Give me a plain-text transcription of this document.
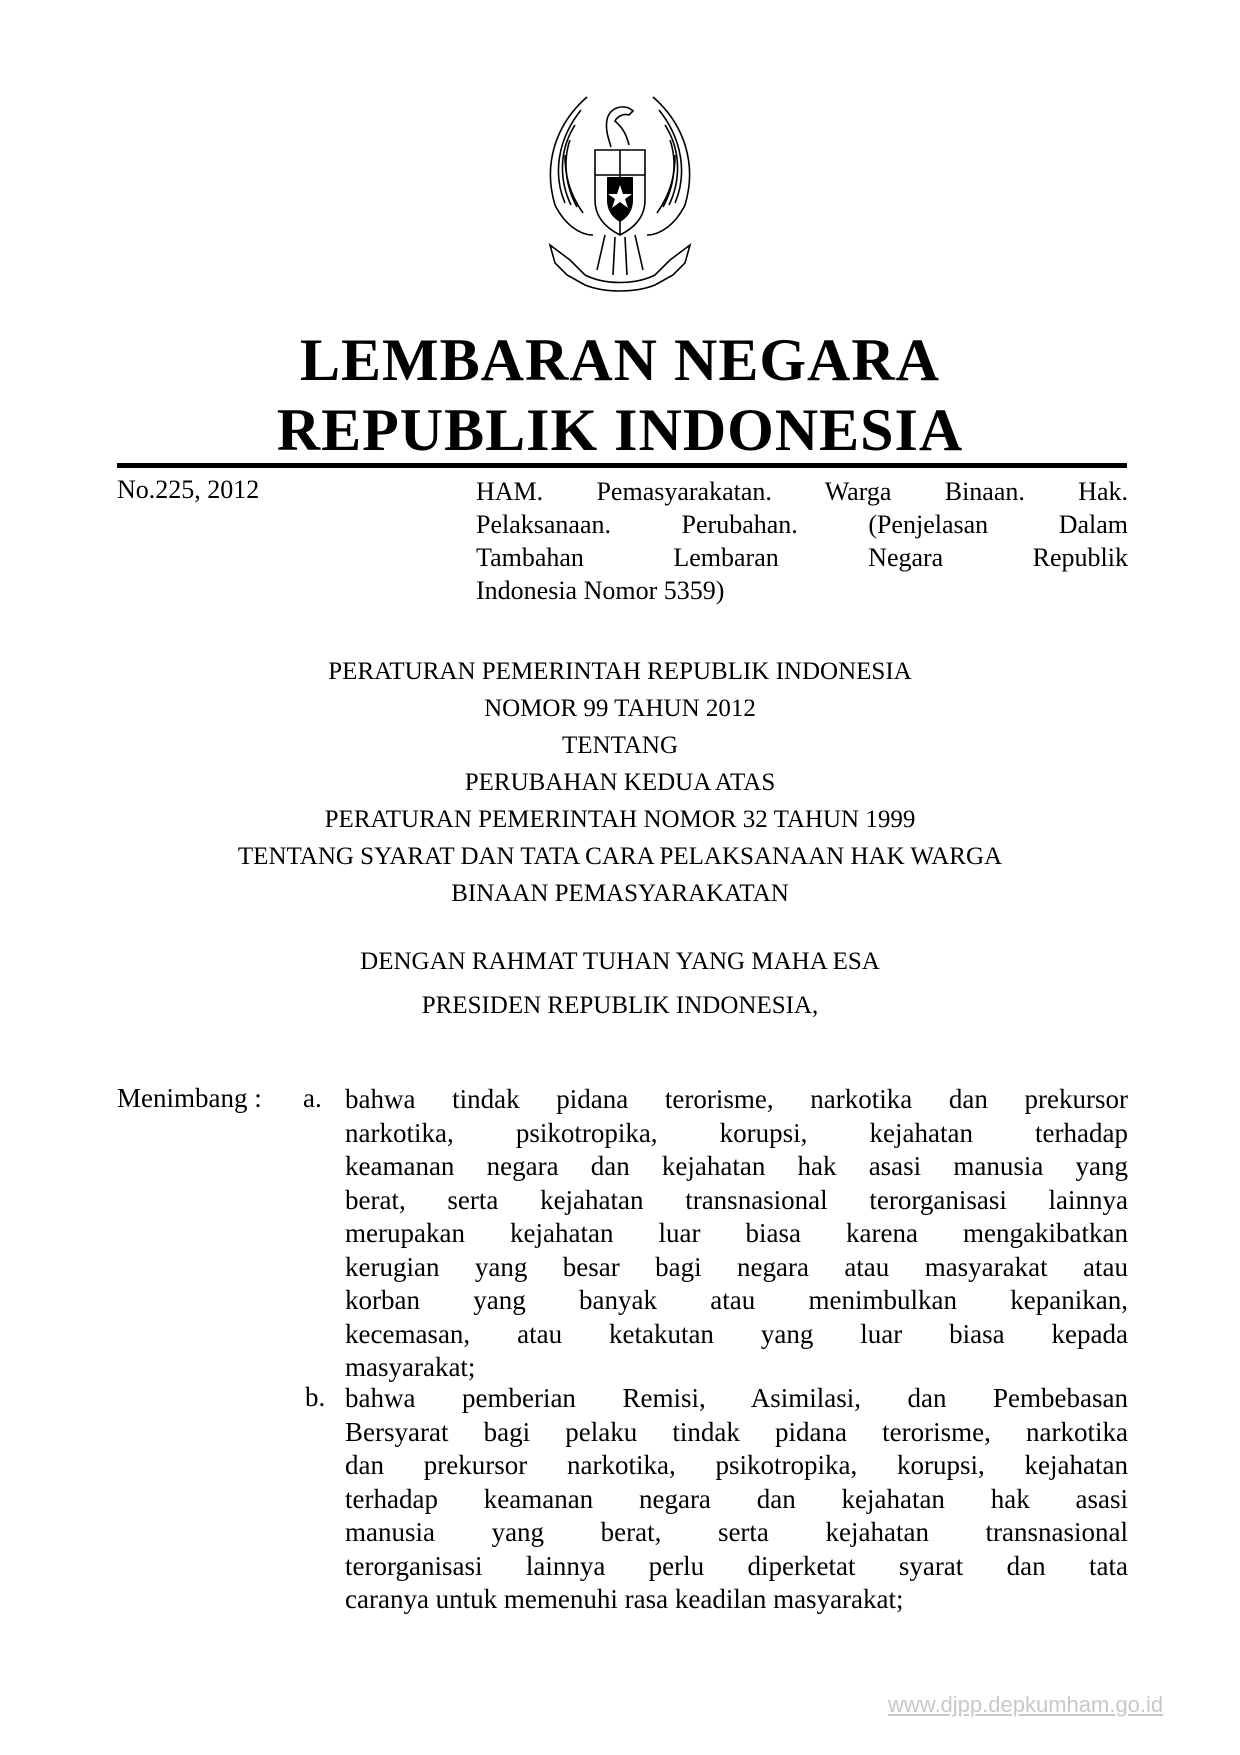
LEMBARAN NEGARA
REPUBLIK INDONESIA
No.225, 2012	HAM. Pemasyarakatan. Warga Binaan. Hak.
Pelaksanaan. Perubahan. (Penjelasan Dalam
Tambahan Lembaran Negara Republik
Indonesia Nomor 5359)
PERATURAN PEMERINTAH REPUBLIK INDONESIA
NOMOR 99 TAHUN 2012
TENTANG
PERUBAHAN KEDUA ATAS
PERATURAN PEMERINTAH NOMOR 32 TAHUN 1999
TENTANG SYARAT DAN TATA CARA PELAKSANAAN HAK WARGA
BINAAN PEMASYARAKATAN
DENGAN RAHMAT TUHAN YANG MAHA ESA
PRESIDEN REPUBLIK INDONESIA,
Menimbang : a. bahwa tindak pidana terorisme, narkotika dan prekursor
narkotika, psikotropika, korupsi, kejahatan terhadap
keamanan negara dan kejahatan hak asasi manusia yang
berat, serta kejahatan transnasional terorganisasi lainnya
merupakan kejahatan luar biasa karena mengakibatkan
kerugian yang besar bagi negara atau masyarakat atau
korban yang banyak atau menimbulkan kepanikan,
kecemasan, atau ketakutan yang luar biasa kepada
masyarakat;
b. bahwa pemberian Remisi, Asimilasi, dan Pembebasan
Bersyarat bagi pelaku tindak pidana terorisme, narkotika
dan prekursor narkotika, psikotropika, korupsi, kejahatan
terhadap keamanan negara dan kejahatan hak asasi
manusia yang berat, serta kejahatan transnasional
terorganisasi lainnya perlu diperketat syarat dan tata
caranya untuk memenuhi rasa keadilan masyarakat;
www.djpp.depkumham.go.id
